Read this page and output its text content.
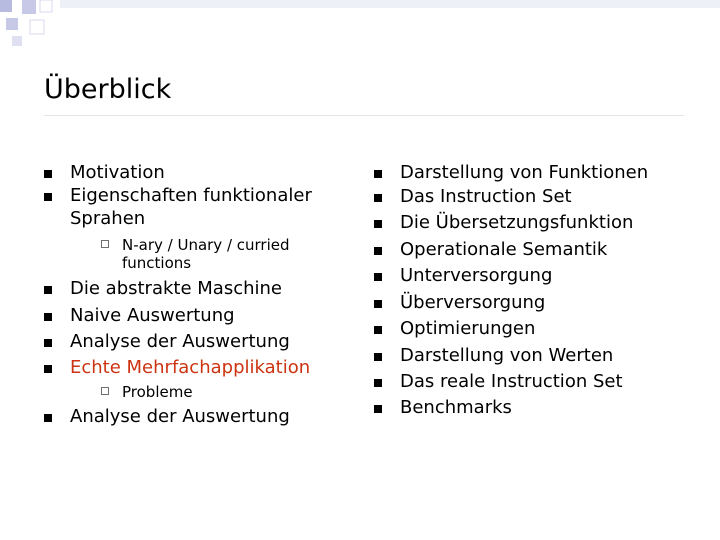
Überblick
Motivation
Eigenschaften funktionaler
Sprahen
N-ary / Unary / curried
functions
Die abstrakte Maschine
Naive Auswertung
Analyse der Auswertung
Echte Mehrfachapplikation
Probleme
Analyse der Auswertung
Darstellung von Funktionen
Das Instruction Set
Die Übersetzungsfunktion
Operationale Semantik
Unterversorgung
Überversorgung
Optimierungen
Darstellung von Werten
Das reale Instruction Set
Benchmarks
